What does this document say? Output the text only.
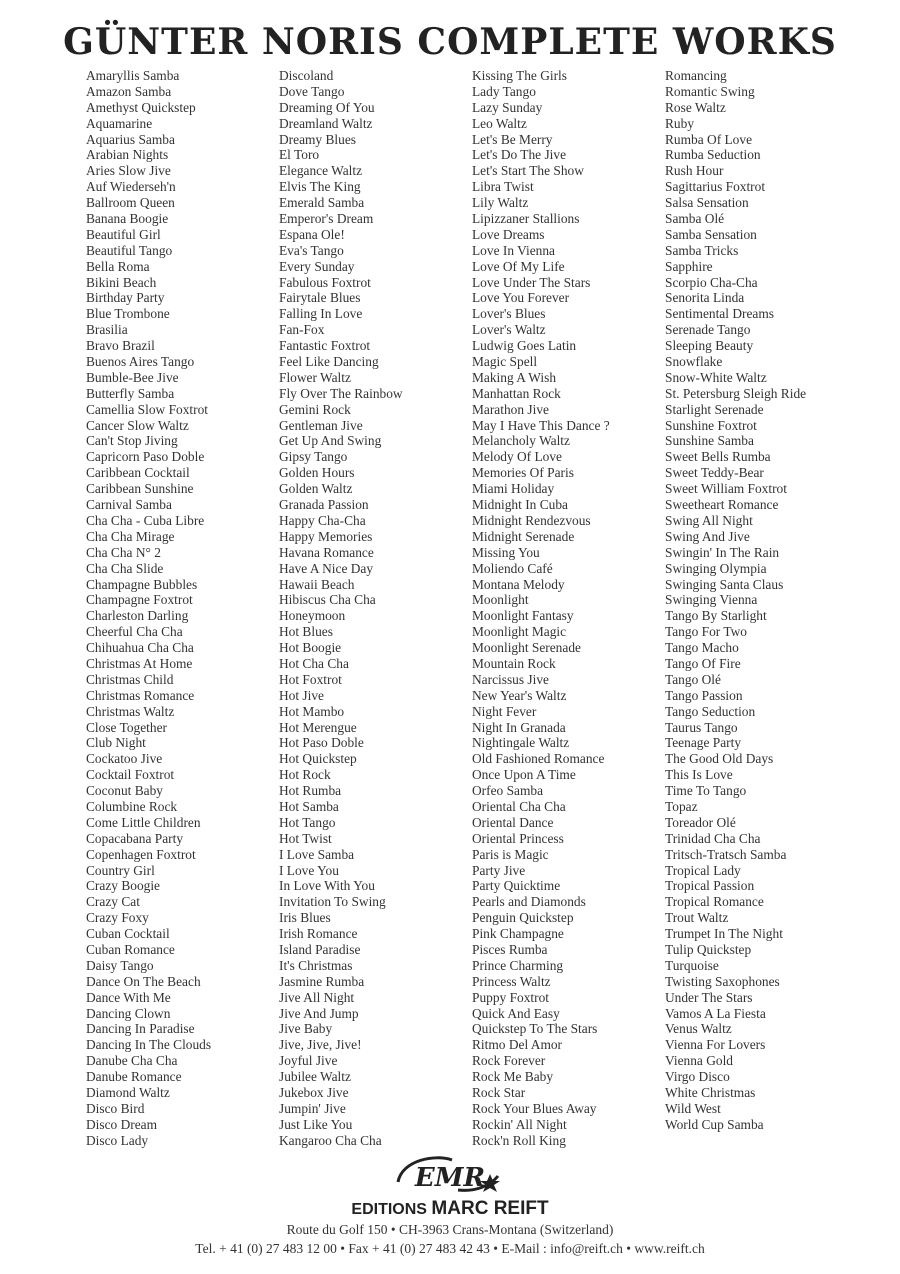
GÜNTER NORIS COMPLETE WORKS
Amaryllis Samba
Amazon Samba
Amethyst Quickstep
Aquamarine
Aquarius Samba
Arabian Nights
Aries Slow Jive
Auf Wiederseh'n
Ballroom Queen
Banana Boogie
Beautiful Girl
Beautiful Tango
Bella Roma
Bikini Beach
Birthday Party
Blue Trombone
Brasilia
Bravo Brazil
Buenos Aires Tango
Bumble-Bee Jive
Butterfly Samba
Camellia Slow Foxtrot
Cancer Slow Waltz
Can't Stop Jiving
Capricorn Paso Doble
Caribbean Cocktail
Caribbean Sunshine
Carnival Samba
Cha Cha - Cuba Libre
Cha Cha Mirage
Cha Cha N° 2
Cha Cha Slide
Champagne Bubbles
Champagne Foxtrot
Charleston Darling
Cheerful Cha Cha
Chihuahua Cha Cha
Christmas At Home
Christmas Child
Christmas Romance
Christmas Waltz
Close Together
Club Night
Cockatoo Jive
Cocktail Foxtrot
Coconut Baby
Columbine Rock
Come Little Children
Copacabana Party
Copenhagen Foxtrot
Country Girl
Crazy Boogie
Crazy Cat
Crazy Foxy
Cuban Cocktail
Cuban Romance
Daisy Tango
Dance On The Beach
Dance With Me
Dancing Clown
Dancing In Paradise
Dancing In The Clouds
Danube Cha Cha
Danube Romance
Diamond Waltz
Disco Bird
Disco Dream
Disco Lady
Discoland
Dove Tango
Dreaming Of You
Dreamland Waltz
Dreamy Blues
El Toro
Elegance Waltz
Elvis The King
Emerald Samba
Emperor's Dream
Espana Ole!
Eva's Tango
Every Sunday
Fabulous Foxtrot
Fairytale Blues
Falling In Love
Fan-Fox
Fantastic Foxtrot
Feel Like Dancing
Flower Waltz
Fly Over The Rainbow
Gemini Rock
Gentleman Jive
Get Up And Swing
Gipsy Tango
Golden Hours
Golden Waltz
Granada Passion
Happy Cha-Cha
Happy Memories
Havana Romance
Have A Nice Day
Hawaii Beach
Hibiscus Cha Cha
Honeymoon
Hot Blues
Hot Boogie
Hot Cha Cha
Hot Foxtrot
Hot Jive
Hot Mambo
Hot Merengue
Hot Paso Doble
Hot Quickstep
Hot Rock
Hot Rumba
Hot Samba
Hot Tango
Hot Twist
I Love Samba
I Love You
In Love With You
Invitation To Swing
Iris Blues
Irish Romance
Island Paradise
It's Christmas
Jasmine Rumba
Jive All Night
Jive And Jump
Jive Baby
Jive, Jive, Jive!
Joyful Jive
Jubilee Waltz
Jukebox Jive
Jumpin' Jive
Just Like You
Kangaroo Cha Cha
Kissing The Girls
Lady Tango
Lazy Sunday
Leo Waltz
Let's Be Merry
Let's Do The Jive
Let's Start The Show
Libra Twist
Lily Waltz
Lipizzaner Stallions
Love Dreams
Love In Vienna
Love Of My Life
Love Under The Stars
Love You Forever
Lover's Blues
Lover's Waltz
Ludwig Goes Latin
Magic Spell
Making A Wish
Manhattan Rock
Marathon Jive
May I Have This Dance ?
Melancholy Waltz
Melody Of Love
Memories Of Paris
Miami Holiday
Midnight In Cuba
Midnight Rendezvous
Midnight Serenade
Missing You
Moliendo Café
Montana Melody
Moonlight
Moonlight Fantasy
Moonlight Magic
Moonlight Serenade
Mountain Rock
Narcissus Jive
New Year's Waltz
Night Fever
Night In Granada
Nightingale Waltz
Old Fashioned Romance
Once Upon A Time
Orfeo Samba
Oriental Cha Cha
Oriental Dance
Oriental Princess
Paris is Magic
Party Jive
Party Quicktime
Pearls and Diamonds
Penguin Quickstep
Pink Champagne
Pisces Rumba
Prince Charming
Princess Waltz
Puppy Foxtrot
Quick And Easy
Quickstep To The Stars
Ritmo Del Amor
Rock Forever
Rock Me Baby
Rock Star
Rock Your Blues Away
Rockin' All Night
Rock'n Roll King
Romancing
Romantic Swing
Rose Waltz
Ruby
Rumba Of Love
Rumba Seduction
Rush Hour
Sagittarius Foxtrot
Salsa Sensation
Samba Olé
Samba Sensation
Samba Tricks
Sapphire
Scorpio Cha-Cha
Senorita Linda
Sentimental Dreams
Serenade Tango
Sleeping Beauty
Snowflake
Snow-White Waltz
St. Petersburg Sleigh Ride
Starlight Serenade
Sunshine Foxtrot
Sunshine Samba
Sweet Bells Rumba
Sweet Teddy-Bear
Sweet William Foxtrot
Sweetheart Romance
Swing All Night
Swing And Jive
Swingin' In The Rain
Swinging Olympia
Swinging Santa Claus
Swinging Vienna
Tango By Starlight
Tango For Two
Tango Macho
Tango Of Fire
Tango Olé
Tango Passion
Tango Seduction
Taurus Tango
Teenage Party
The Good Old Days
This Is Love
Time To Tango
Topaz
Toreador Olé
Trinidad Cha Cha
Tritsch-Tratsch Samba
Tropical Lady
Tropical Passion
Tropical Romance
Trout Waltz
Trumpet In The Night
Tulip Quickstep
Turquoise
Twisting Saxophones
Under The Stars
Vamos A La Fiesta
Venus Waltz
Vienna For Lovers
Vienna Gold
Virgo Disco
White Christmas
Wild West
World Cup Samba
EMR
EDITIONS MARC REIFT
Route du Golf 150 • CH-3963 Crans-Montana (Switzerland)
Tel. + 41 (0) 27 483 12 00 • Fax + 41 (0) 27 483 42 43 • E-Mail : info@reift.ch • www.reift.ch
